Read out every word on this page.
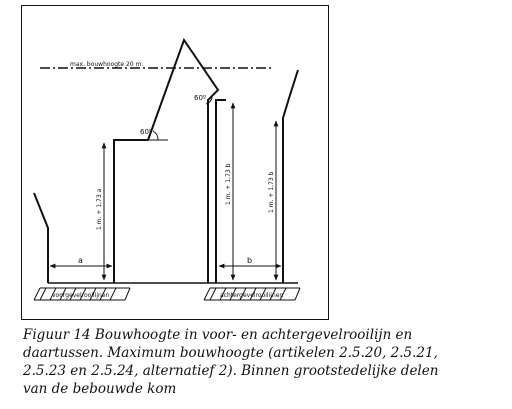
max. bouwhoogte 20 m.
60º
60º
1 m. + 1,73 a
1 m. + 1,73 b	1 m. + 1,73 b
a	b
voorgevelrooilijnen	achtergevelrooilijnen
Figuur 14 Bouwhoogte in voor- en achtergevelrooilijn en
daartussen. Maximum bouwhoogte (artikelen 2.5.20, 2.5.21,
2.5.23 en 2.5.24, alternatief 2). Binnen grootstedelijke delen
van de bebouwde kom
